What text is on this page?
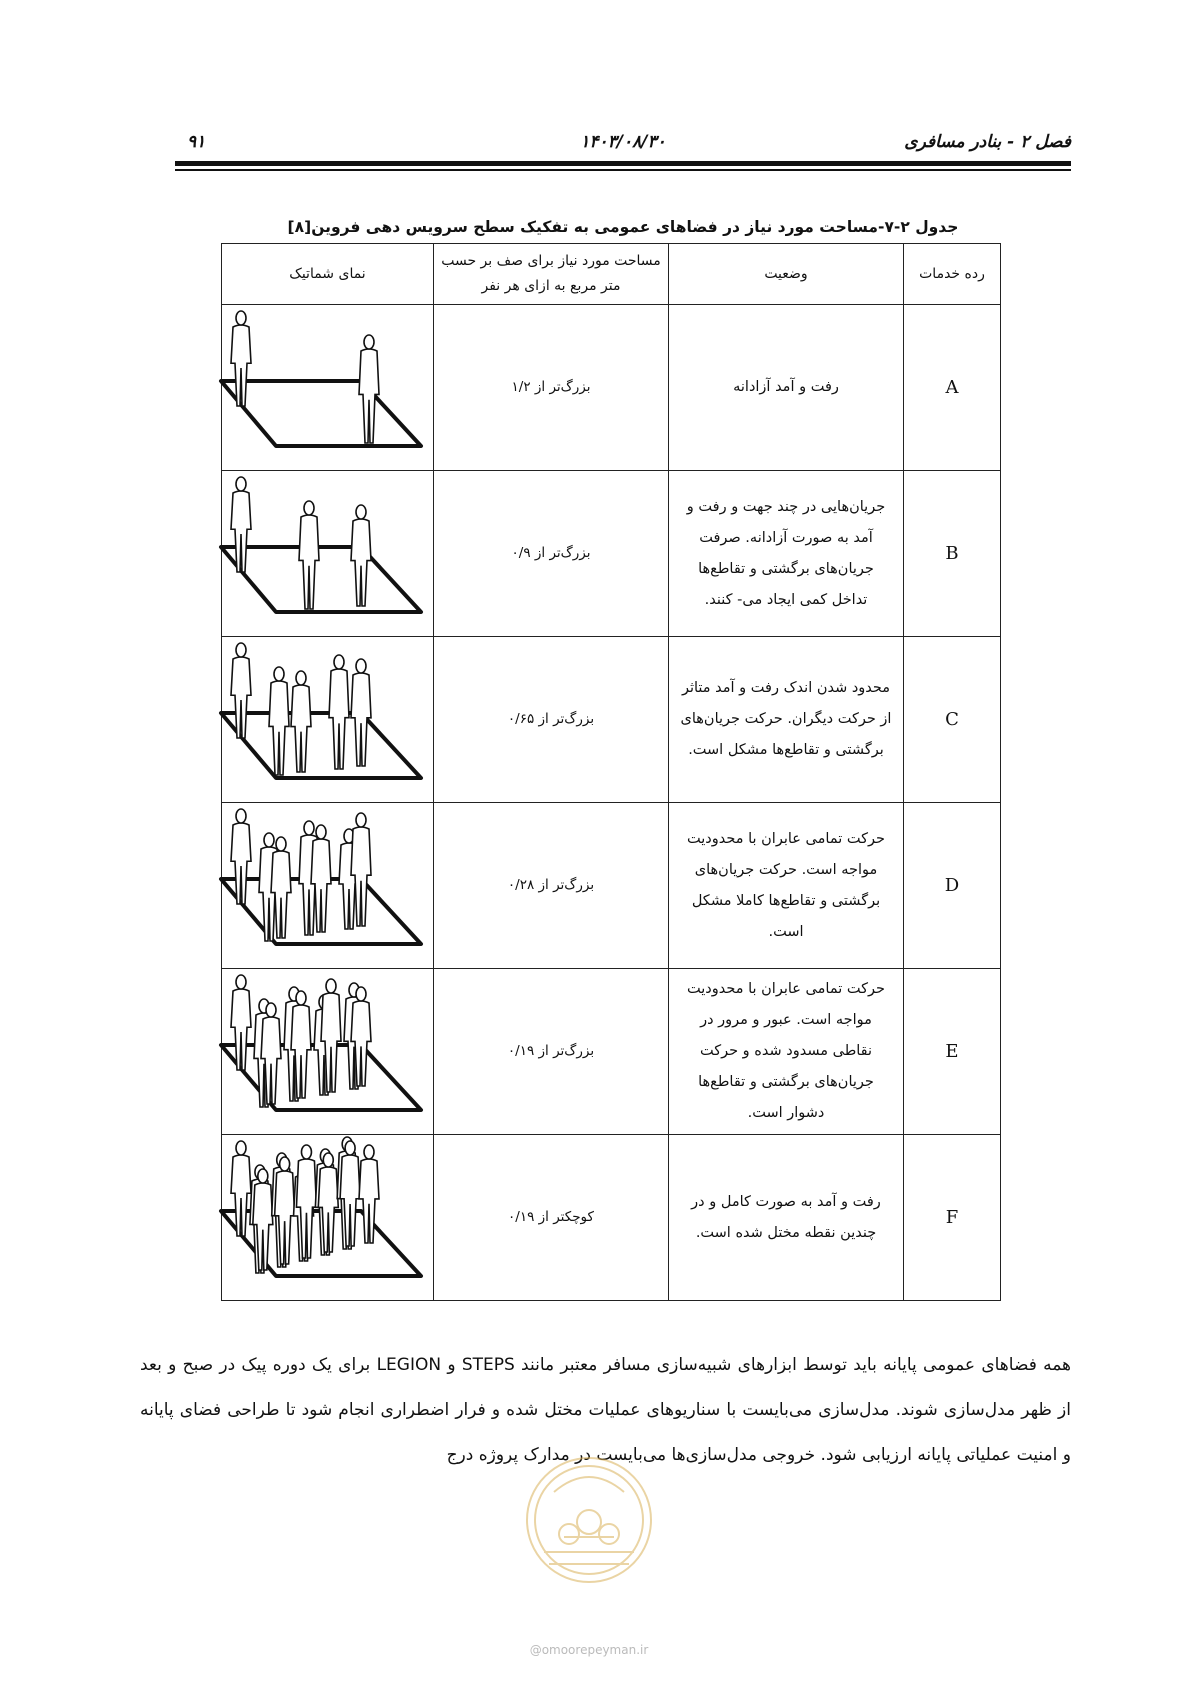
فصل ۲ - بنادر مسافری
۱۴۰۳/۰۸/۳۰
۹۱
جدول ۲-۷-مساحت مورد نیاز در فضاهای عمومی به تفکیک سطح سرویس دهی فروین[۸]
رده خدمات	وضعیت	مساحت مورد نیاز برای صف بر حسب متر مربع به ازای هر نفر	نمای شماتیک
A	رفت و آمد آزادانه	بزرگ‌تر از ۱/۲	

B	جریان‌هایی در چند جهت و رفت و آمد به صورت آزادانه. صرفت جریان‌های برگشتی و تقاطع‌ها تداخل کمی ایجاد می- کنند.	بزرگ‌تر از ۰/۹	

C	محدود شدن اندک رفت و آمد متاثر از حرکت دیگران. حرکت جریان‌های برگشتی و تقاطع‌ها مشکل است.	بزرگ‌تر از ۰/۶۵	

D	حرکت تمامی عابران با محدودیت مواجه است. حرکت جریان‌های برگشتی و تقاطع‌ها کاملا مشکل است.	بزرگ‌تر از ۰/۲۸	

E	حرکت تمامی عابران با محدودیت مواجه است. عبور و مرور در نقاطی مسدود شده و حرکت جریان‌های برگشتی و تقاطع‌ها دشوار است.	بزرگ‌تر از ۰/۱۹	

F	رفت و آمد به صورت کامل و در چندین نقطه مختل شده است.	کوچکتر از ۰/۱۹	
همه فضاهای عمومی پایانه باید توسط ابزارهای شبیه‌سازی مسافر معتبر مانند STEPS و LEGION برای یک دوره پیک در صبح و بعد از ظهر مدل‌سازی شوند. مدل‌سازی می‌بایست با سناریوهای عملیات مختل شده و فرار اضطراری انجام شود تا طراحی فضای پایانه و امنیت عملیاتی پایانه ارزیابی شود. خروجی مدل‌سازی‌ها می‌بایست در مدارک پروژه درج
@omoorepeyman.ir
